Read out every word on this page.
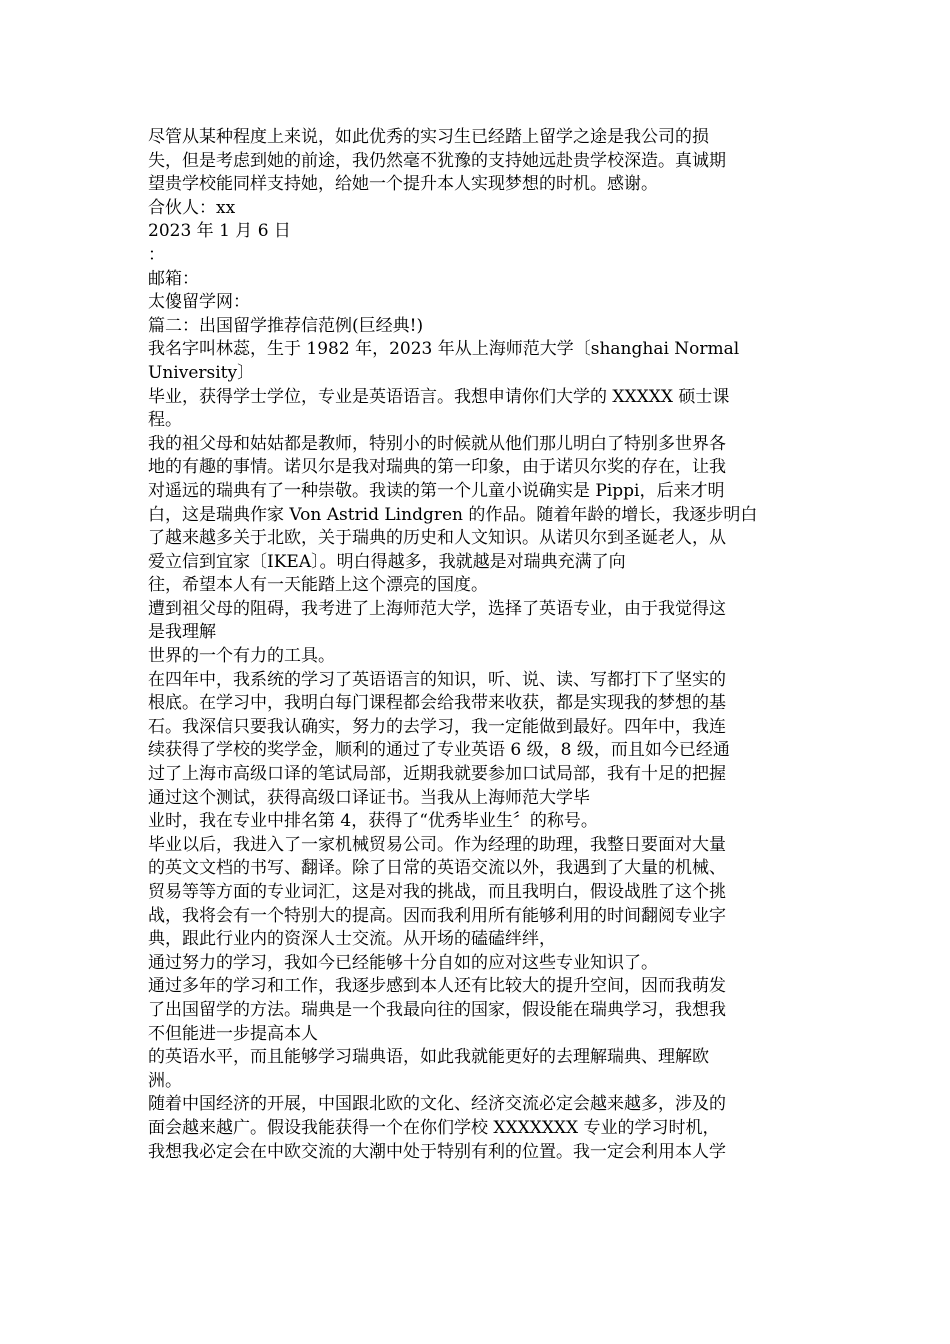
尽管从某种程度上来说，如此优秀的实习生已经踏上留学之途是我公司的损
失，但是考虑到她的前途，我仍然毫不犹豫的支持她远赴贵学校深造。真诚期
望贵学校能同样支持她，给她一个提升本人实现梦想的时机。感谢。
合伙人：xx
2023 年 1 月 6 日
：
邮箱：
太傻留学网：
篇二：出国留学推荐信范例(巨经典!)
我名字叫林蕊，生于 1982 年，2023 年从上海师范大学〔shanghai Normal
University〕
毕业，获得学士学位，专业是英语语言。我想申请你们大学的 XXXXX 硕士课
程。
我的祖父母和姑姑都是教师，特别小的时候就从他们那儿明白了特别多世界各
地的有趣的事情。诺贝尔是我对瑞典的第一印象，由于诺贝尔奖的存在，让我
对遥远的瑞典有了一种崇敬。我读的第一个儿童小说确实是 Pippi，后来才明
白，这是瑞典作家 Von Astrid Lindgren 的作品。随着年龄的增长，我逐步明白
了越来越多关于北欧，关于瑞典的历史和人文知识。从诺贝尔到圣诞老人，从
爱立信到宜家〔IKEA〕。明白得越多，我就越是对瑞典充满了向
往，希望本人有一天能踏上这个漂亮的国度。
遭到祖父母的阻碍，我考进了上海师范大学，选择了英语专业，由于我觉得这
是我理解
世界的一个有力的工具。
在四年中，我系统的学习了英语语言的知识，听、说、读、写都打下了坚实的
根底。在学习中，我明白每门课程都会给我带来收获，都是实现我的梦想的基
石。我深信只要我认确实，努力的去学习，我一定能做到最好。四年中，我连
续获得了学校的奖学金，顺利的通过了专业英语 6 级，8 级，而且如今已经通
过了上海市高级口译的笔试局部，近期我就要参加口试局部，我有十足的把握
通过这个测试，获得高级口译证书。当我从上海师范大学毕
业时，我在专业中排名第 4，获得了“优秀毕业生〞的称号。
毕业以后，我进入了一家机械贸易公司。作为经理的助理，我整日要面对大量
的英文文档的书写、翻译。除了日常的英语交流以外，我遇到了大量的机械、
贸易等等方面的专业词汇，这是对我的挑战，而且我明白，假设战胜了这个挑
战，我将会有一个特别大的提高。因而我利用所有能够利用的时间翻阅专业字
典，跟此行业内的资深人士交流。从开场的磕磕绊绊，
通过努力的学习，我如今已经能够十分自如的应对这些专业知识了。
通过多年的学习和工作，我逐步感到本人还有比较大的提升空间，因而我萌发
了出国留学的方法。瑞典是一个我最向往的国家，假设能在瑞典学习，我想我
不但能进一步提高本人
的英语水平，而且能够学习瑞典语，如此我就能更好的去理解瑞典、理解欧
洲。
随着中国经济的开展，中国跟北欧的文化、经济交流必定会越来越多，涉及的
面会越来越广。假设我能获得一个在你们学校 XXXXXXX 专业的学习时机，
我想我必定会在中欧交流的大潮中处于特别有利的位置。我一定会利用本人学
